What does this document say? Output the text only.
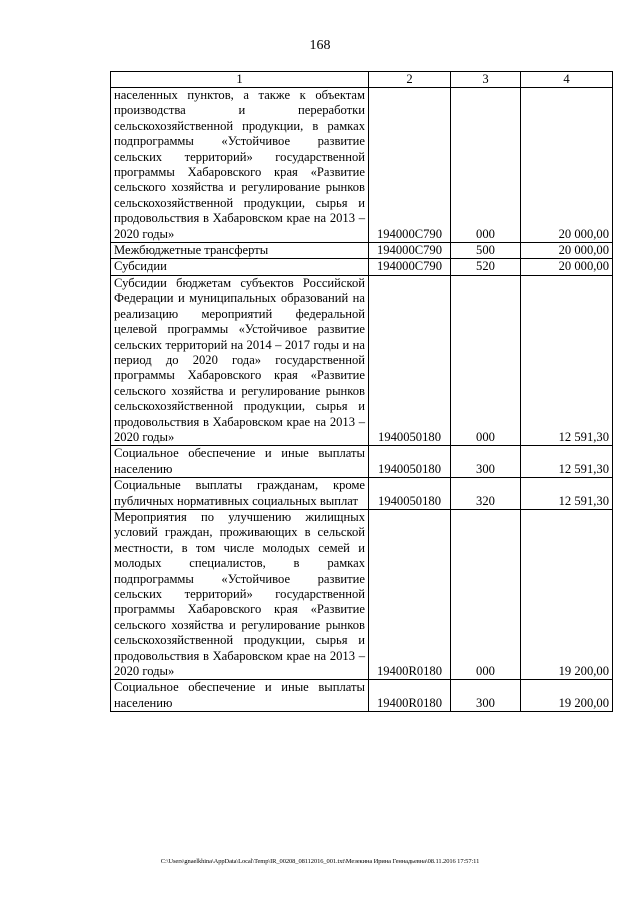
168
1	2	3	4
населенных пунктов, а также к объектам производства и переработки сельскохозяйственной продукции, в рамках подпрограммы «Устойчивое развитие сельских территорий» государственной программы Хабаровского края «Развитие сельского хозяйства и регулирование рынков сельскохозяйственной продукции, сырья и продовольствия в Хабаровском крае на 2013 – 2020 годы»	194000С790	000	20 000,00
Межбюджетные трансферты	194000С790	500	20 000,00
Субсидии	194000С790	520	20 000,00
Субсидии бюджетам субъектов Российской Федерации и муниципальных образований на реализацию мероприятий федеральной целевой программы «Устойчивое развитие сельских территорий на 2014 – 2017 годы и на период до 2020 года» государственной программы Хабаровского края «Развитие сельского хозяйства и регулирование рынков сельскохозяйственной продукции, сырья и продовольствия в Хабаровском крае на 2013 – 2020 годы»	1940050180	000	12 591,30
Социальное обеспечение и иные выплаты населению	1940050180	300	12 591,30
Социальные выплаты гражданам, кроме публичных нормативных социальных выплат	1940050180	320	12 591,30
Мероприятия по улучшению жилищных условий граждан, проживающих в сельской местности, в том числе молодых семей и молодых специалистов, в рамках подпрограммы «Устойчивое развитие сельских территорий» государственной программы Хабаровского края «Развитие сельского хозяйства и регулирование рынков сельскохозяйственной продукции, сырья и продовольствия в Хабаровском крае на 2013 – 2020 годы»	19400R0180	000	19 200,00
Социальное обеспечение и иные выплаты населению	19400R0180	300	19 200,00
C:\Users\gnaelkhina\AppData\Local\Temp\IR_00208_08112016_001.txt\Мезекина Ирина Геннадьевна\08.11.2016 17:57:11
